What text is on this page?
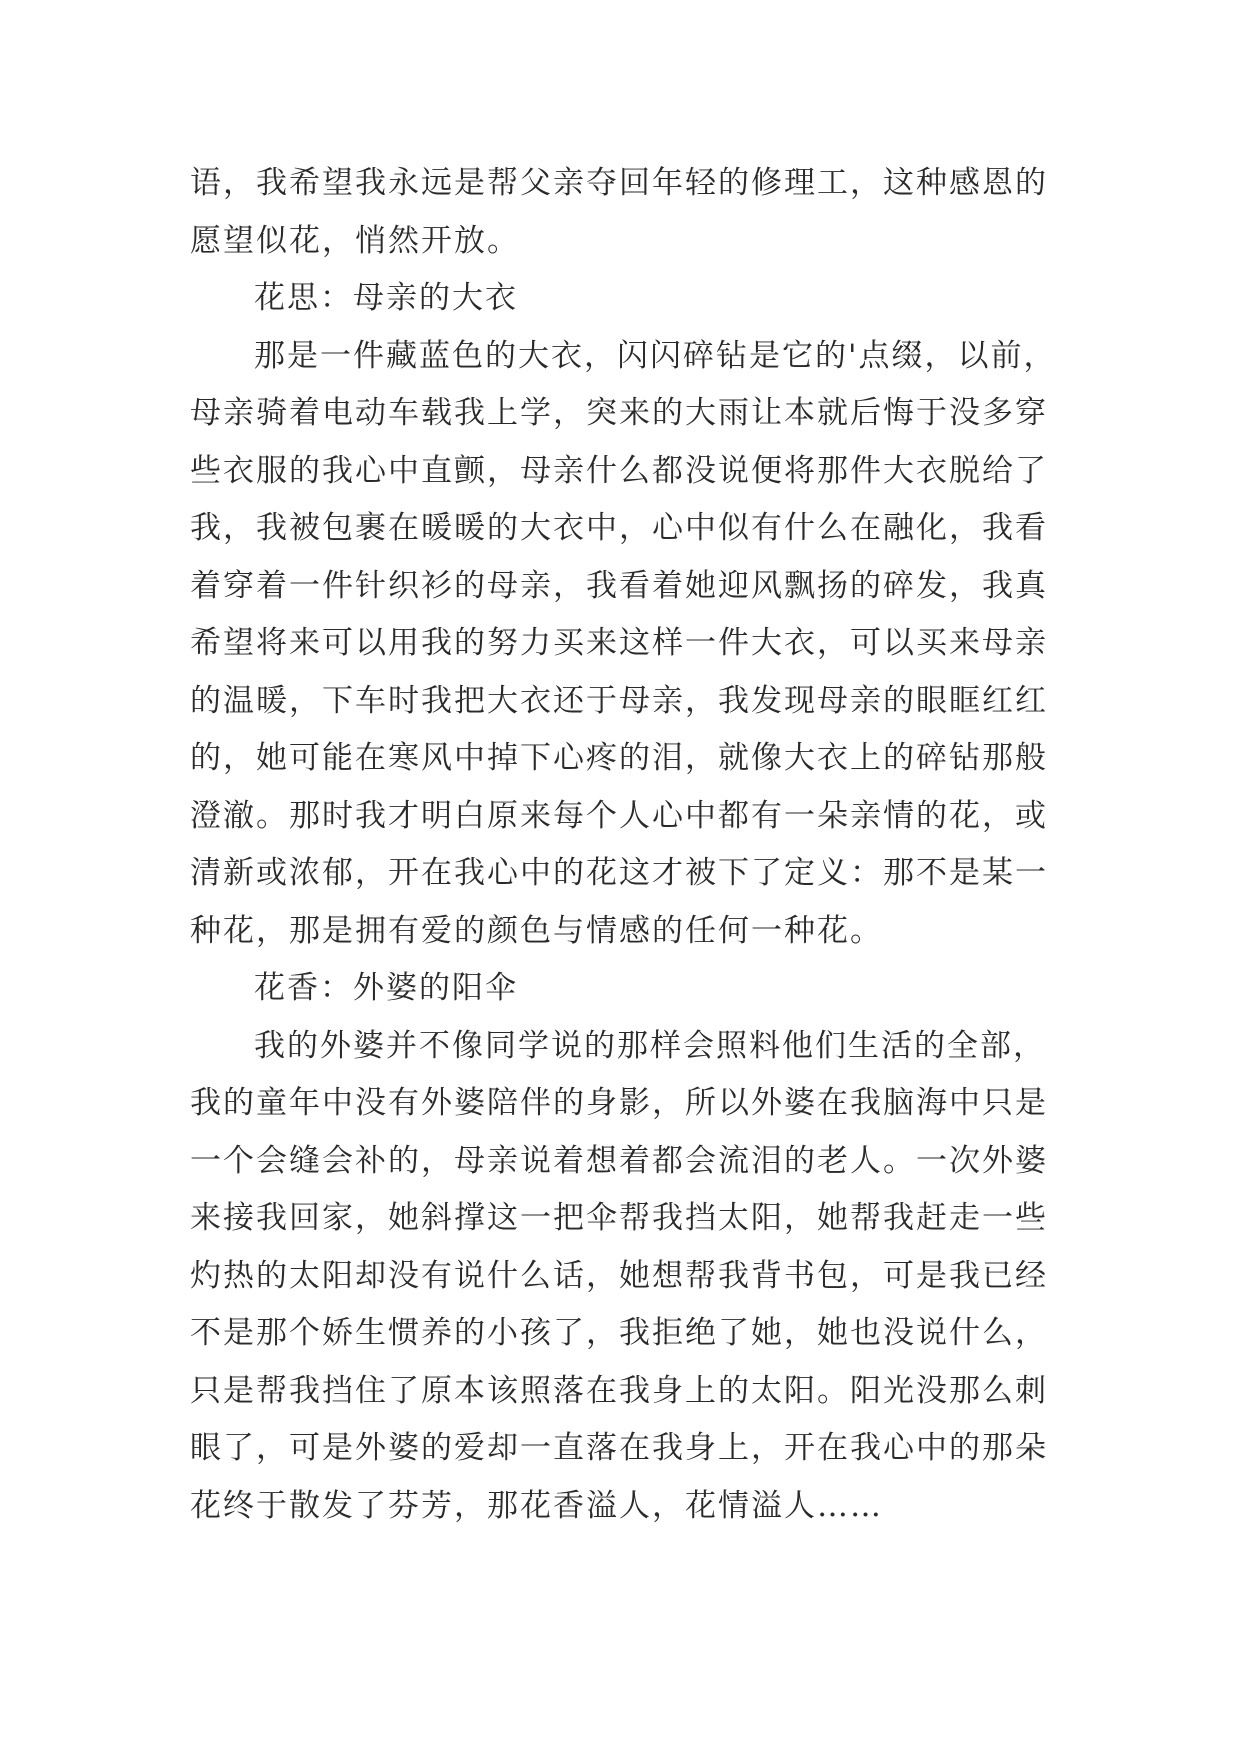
语，我希望我永远是帮父亲夺回年轻的修理工，这种感恩的
愿望似花，悄然开放。
花思：母亲的大衣
那是一件藏蓝色的大衣，闪闪碎钻是它的'点缀，以前，
母亲骑着电动车载我上学，突来的大雨让本就后悔于没多穿
些衣服的我心中直颤，母亲什么都没说便将那件大衣脱给了
我，我被包裹在暖暖的大衣中，心中似有什么在融化，我看
着穿着一件针织衫的母亲，我看着她迎风飘扬的碎发，我真
希望将来可以用我的努力买来这样一件大衣，可以买来母亲
的温暖，下车时我把大衣还于母亲，我发现母亲的眼眶红红
的，她可能在寒风中掉下心疼的泪，就像大衣上的碎钻那般
澄澈。那时我才明白原来每个人心中都有一朵亲情的花，或
清新或浓郁，开在我心中的花这才被下了定义：那不是某一
种花，那是拥有爱的颜色与情感的任何一种花。
花香：外婆的阳伞
我的外婆并不像同学说的那样会照料他们生活的全部，
我的童年中没有外婆陪伴的身影，所以外婆在我脑海中只是
一个会缝会补的，母亲说着想着都会流泪的老人。一次外婆
来接我回家，她斜撑这一把伞帮我挡太阳，她帮我赶走一些
灼热的太阳却没有说什么话，她想帮我背书包，可是我已经
不是那个娇生惯养的小孩了，我拒绝了她，她也没说什么，
只是帮我挡住了原本该照落在我身上的太阳。阳光没那么刺
眼了，可是外婆的爱却一直落在我身上，开在我心中的那朵
花终于散发了芬芳，那花香溢人，花情溢人……
